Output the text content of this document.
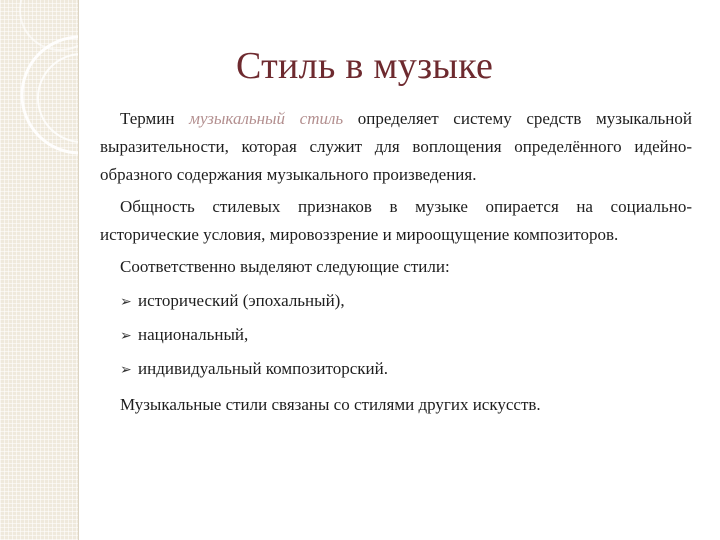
Стиль в музыке

Термин музыкальный стиль определяет систему средств музыкальной выразительности, которая служит для воплощения определённого идейно-образного содержания музыкального произведения.

Общность стилевых признаков в музыке опирается на социально-исторические условия, мировоззрение и мироощущение композиторов.

Соответственно выделяют следующие стили:

➢ исторический (эпохальный),
➢ национальный,
➢ индивидуальный композиторский.

Музыкальные стили связаны со стилями других искусств.
